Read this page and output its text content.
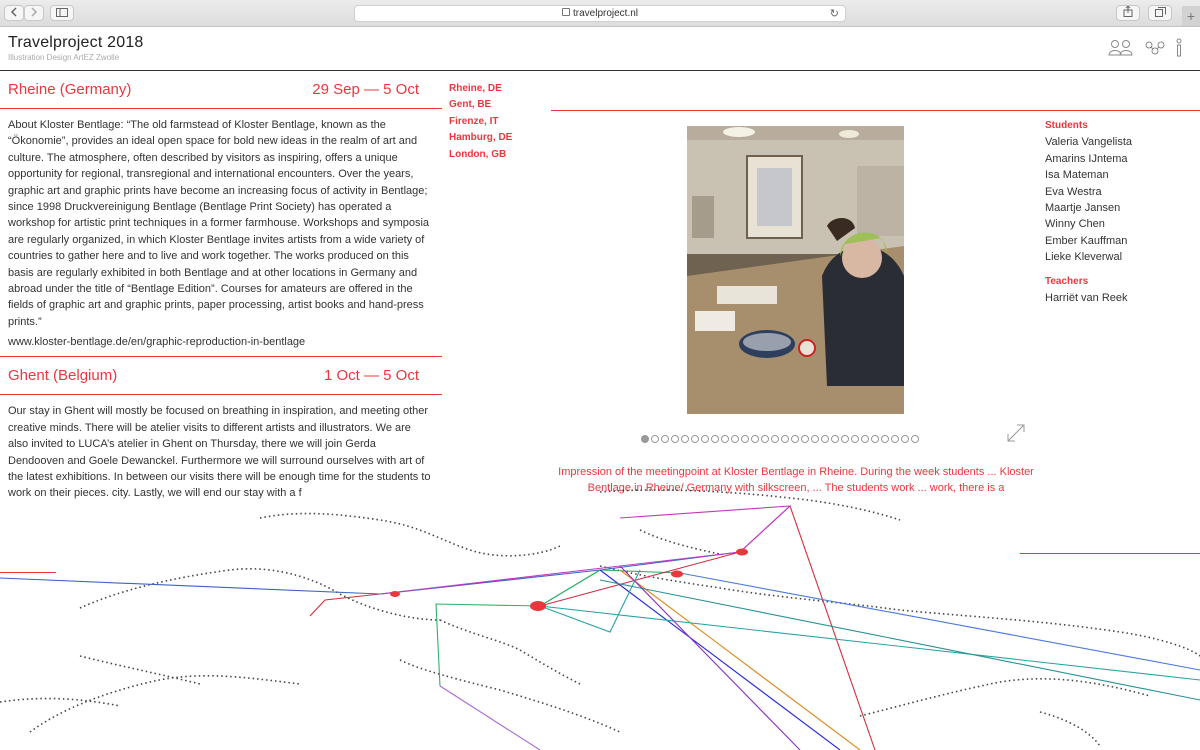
travelproject.nl	↻	+
Travelproject 2018
Illustration Design ArtEZ Zwolle
Rheine (Germany)	29 Sep — 5 Oct
About Kloster Bentlage: “The old farmstead of Kloster Bentlage, known as the “Ökonomie”, provides an ideal open space for bold new ideas in the realm of art and culture. The atmosphere, often described by visitors as inspiring, offers a unique opportunity for regional, transregional and international encounters. Over the years, graphic art and graphic prints have become an increasing focus of activity in Bentlage; since 1998 Druckvereinigung Bentlage (Bentlage Print Society) has operated a workshop for artistic print techniques in a former farmhouse. Workshops and symposia are regularly organized, in which Kloster Bentlage invites artists from a wide variety of countries to gather here and to live and work together. The works produced on this basis are regularly exhibited in both Bentlage and at other locations in Germany and abroad under the title of “Bentlage Edition”. Courses for amateurs are offered in the fields of graphic art and graphic prints, paper processing, artist books and hand-press prints.”
www.kloster-bentlage.de/en/graphic-reproduction-in-bentlage
Ghent (Belgium)	1 Oct — 5 Oct
Our stay in Ghent will mostly be focused on breathing in inspiration, and meeting other creative minds. There will be atelier visits to different artists and illustrators. We are also invited to LUCA’s atelier in Ghent on Thursday, there we will join Gerda Dendooven and Goele Dewanckel. Furthermore we will surround ourselves with art of the latest exhibitions. In between our visits there will be enough time for the students to work on their pieces. city. Lastly, we will end our stay with a f
Rheine, DE
Gent, BE
Firenze, IT
Hamburg, DE
London, GB
Impression of the meetingpoint at Kloster Bentlage in Rheine. During the week students ... Kloster Bentlage in Rheine/ Germany with silkscreen, ... The students work ... work, there is a
Students
Valeria Vangelista
Amarins IJntema
Isa Mateman
Eva Westra
Maartje Jansen
Winny Chen
Ember Kauffman
Lieke Kleverwal
Teachers
Harriët van Reek
